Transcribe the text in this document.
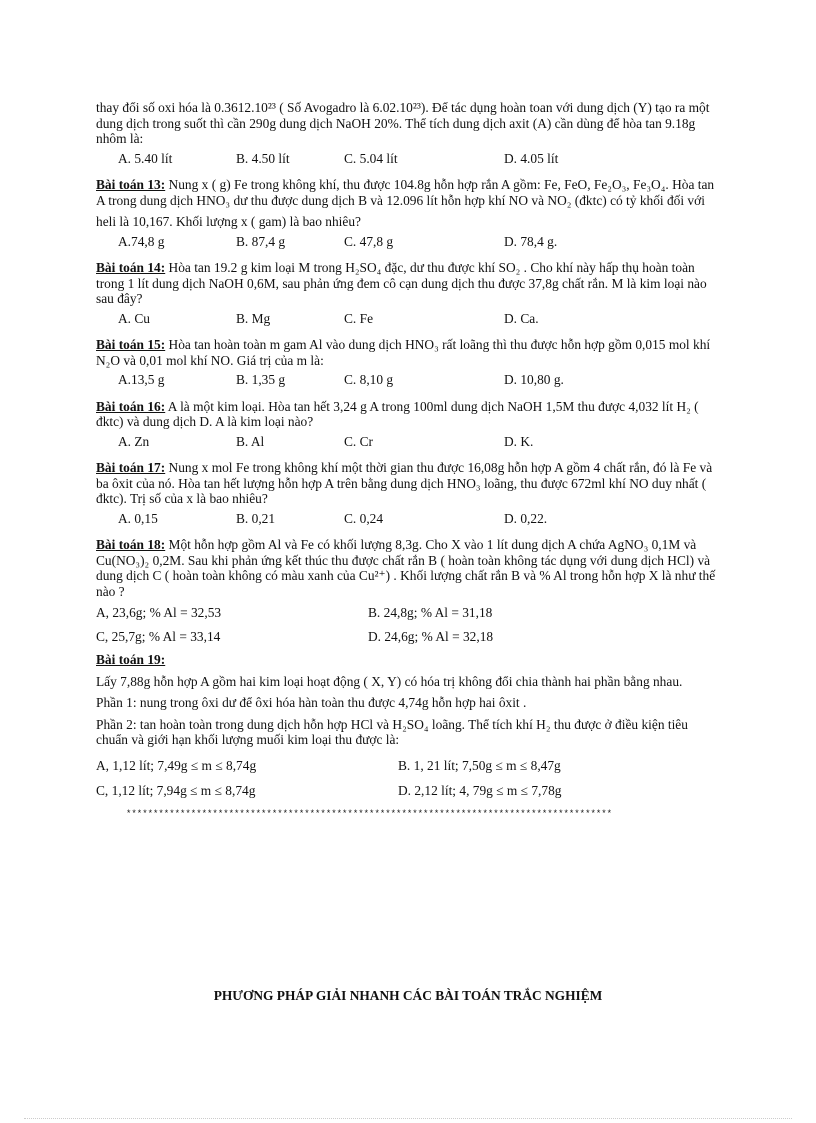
thay đổi số oxi hóa là 0.3612.10²³ ( Số Avogadro là 6.02.10²³). Để tác dụng hoàn toan với dung dịch (Y) tạo ra một dung dịch trong suốt thì cần 290g dung dịch NaOH 20%. Thể tích dung dịch axit (A) cần dùng để hòa tan 9.18g nhôm là:

A. 5.40 lít	B. 4.50 lít	C. 5.04 lít	D. 4.05 lít

Bài toán 13: Nung x ( g) Fe trong không khí, thu được 104.8g hỗn hợp rắn A gồm: Fe, FeO, Fe₂O₃, Fe₃O₄. Hòa tan A trong dung dịch HNO₃ dư thu được dung dịch B và 12.096 lít hỗn hợp khí NO và NO₂ (đktc) có tỷ khối đối với

heli là 10,167. Khối lượng x ( gam) là bao nhiêu?

A.74,8 g	B. 87,4 g	C. 47,8 g	D. 78,4 g.

Bài toán 14: Hòa tan 19.2 g kim loại M trong H₂SO₄ đặc, dư thu được khí SO₂ . Cho khí này hấp thụ hoàn toàn trong 1 lít dung dịch NaOH 0,6M, sau phản ứng đem cô cạn dung dịch thu được 37,8g chất rắn. M là kim loại nào sau đây?

A. Cu	B. Mg	C. Fe	D. Ca.

Bài toán 15: Hòa tan hoàn toàn m gam Al vào dung dịch HNO₃ rất loãng thì thu được hỗn hợp gồm 0,015 mol khí N₂O và 0,01 mol khí NO. Giá trị của m là:

A.13,5 g	B. 1,35 g	C. 8,10 g	D. 10,80 g.

Bài toán 16: A là một kim loại. Hòa tan hết 3,24 g A trong 100ml dung dịch NaOH 1,5M thu được 4,032 lít H₂ ( đktc) và dung dịch D. A là kim loại nào?

A. Zn	B. Al	C. Cr	D. K.

Bài toán 17: Nung x mol Fe trong không khí một thời gian thu được 16,08g hỗn hợp A gồm 4 chất rắn, đó là Fe và ba ôxit của nó. Hòa tan hết lượng hỗn hợp A trên bằng dung dịch HNO₃ loãng, thu được 672ml khí NO duy nhất ( đktc). Trị số của x là bao nhiêu?

A. 0,15	B. 0,21	C. 0,24	D. 0,22.

Bài toán 18: Một hỗn hợp gồm Al và Fe có khối lượng 8,3g. Cho X vào 1 lít dung dịch A chứa AgNO₃ 0,1M và Cu(NO₃)₂ 0,2M. Sau khi phản ứng kết thúc thu được chất rắn B ( hoàn toàn không tác dụng với dung dịch HCl) và dung dịch C ( hoàn toàn không có màu xanh của Cu²⁺) . Khối lượng chất rắn B và % Al trong hỗn hợp X là như thế nào ?

A, 23,6g; % Al = 32,53	B. 24,8g; % Al = 31,18
C, 25,7g; % Al = 33,14	D. 24,6g; % Al = 32,18

Bài toán 19:

Lấy 7,88g hỗn hợp A gồm hai kim loại hoạt động ( X, Y) có hóa trị không đổi chia thành hai phần bằng nhau.

Phần 1: nung trong ôxi dư để ôxi hóa hàn toàn thu được 4,74g hỗn hợp hai ôxit .

Phần 2: tan hoàn toàn trong dung dịch hỗn hợp HCl và H₂SO₄ loãng. Thể tích khí H₂ thu được ở điều kiện tiêu chuẩn và giới hạn khối lượng muối kim loại thu được là:

A, 1,12 lít; 7,49g ≤ m ≤ 8,74g	B. 1, 21 lít; 7,50g ≤ m ≤ 8,47g
C, 1,12 lít; 7,94g ≤ m ≤ 8,74g	D. 2,12 lít; 4, 79g ≤ m ≤ 7,78g
******************************************************************************************
PHƯƠNG PHÁP GIẢI NHANH CÁC BÀI TOÁN TRẮC NGHIỆM
